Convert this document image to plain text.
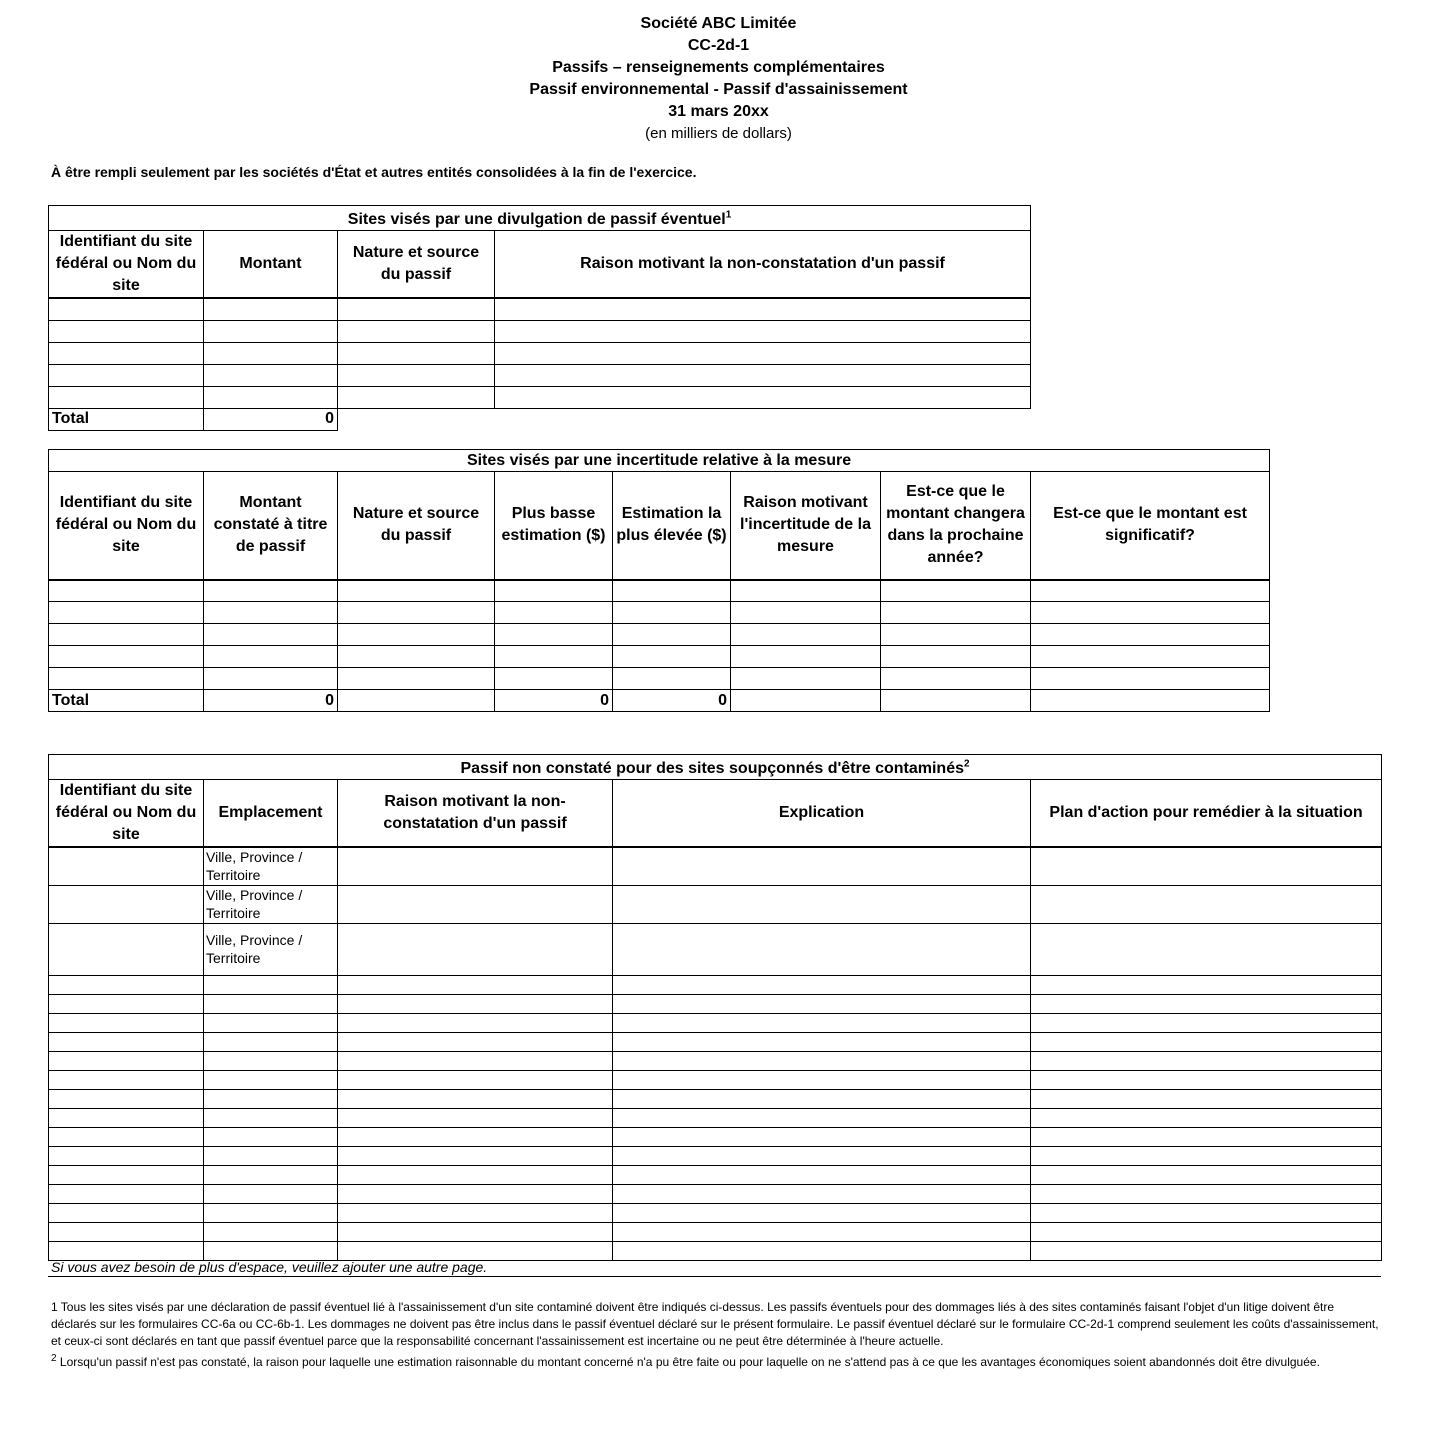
Société ABC Limitée
CC-2d-1
Passifs – renseignements complémentaires
Passif environnemental - Passif d'assainissement
31 mars 20xx
(en milliers de dollars)
À être rempli seulement par les sociétés d'État et autres entités consolidées à la fin de l'exercice.
Sites visés par une divulgation de passif éventuel$^1$
Identifiant du site fédéral ou Nom du site	Montant	Nature et source du passif	Raison motivant la non-constatation d'un passif

Total	0		
Sites visés par une incertitude relative à la mesure							
Identifiant du site fédéral ou Nom du site	Montant constaté à titre de passif	Nature et source du passif	Plus basse estimation ($)	Estimation la plus élevée ($)	Raison motivant l'incertitude de la mesure	Est-ce que le montant changera dans la prochaine année?	Est-ce que le montant est significatif?

Total	0		0	0			
Passif non constaté pour des sites soupçonnés d'être contaminés$^2$
Identifiant du site fédéral ou Nom du site	Emplacement	Raison motivant la non-constatation d'un passif	Explication	Plan d'action pour remédier à la situation
	Ville, Province / Territoire			
	Ville, Province / Territoire			
	Ville, Province / Territoire			

Si vous avez besoin de plus d'espace, veuillez ajouter une autre page.
1 Tous les sites visés par une déclaration de passif éventuel lié à l'assainissement d'un site contaminé doivent être indiqués ci-dessus. Les passifs éventuels pour des dommages liés à des sites contaminés faisant l'objet d'un litige doivent être déclarés sur les formulaires CC-6a ou CC-6b-1. Les dommages ne doivent pas être inclus dans le passif éventuel déclaré sur le présent formulaire. Le passif éventuel déclaré sur le formulaire CC-2d-1 comprend seulement les coûts d'assainissement, et ceux-ci sont déclarés en tant que passif éventuel parce que la responsabilité concernant l'assainissement est incertaine ou ne peut être déterminée à l'heure actuelle.
$^2$ Lorsqu'un passif n'est pas constaté, la raison pour laquelle une estimation raisonnable du montant concerné n'a pu être faite ou pour laquelle on ne s'attend pas à ce que les avantages économiques soient abandonnés doit être divulguée.
